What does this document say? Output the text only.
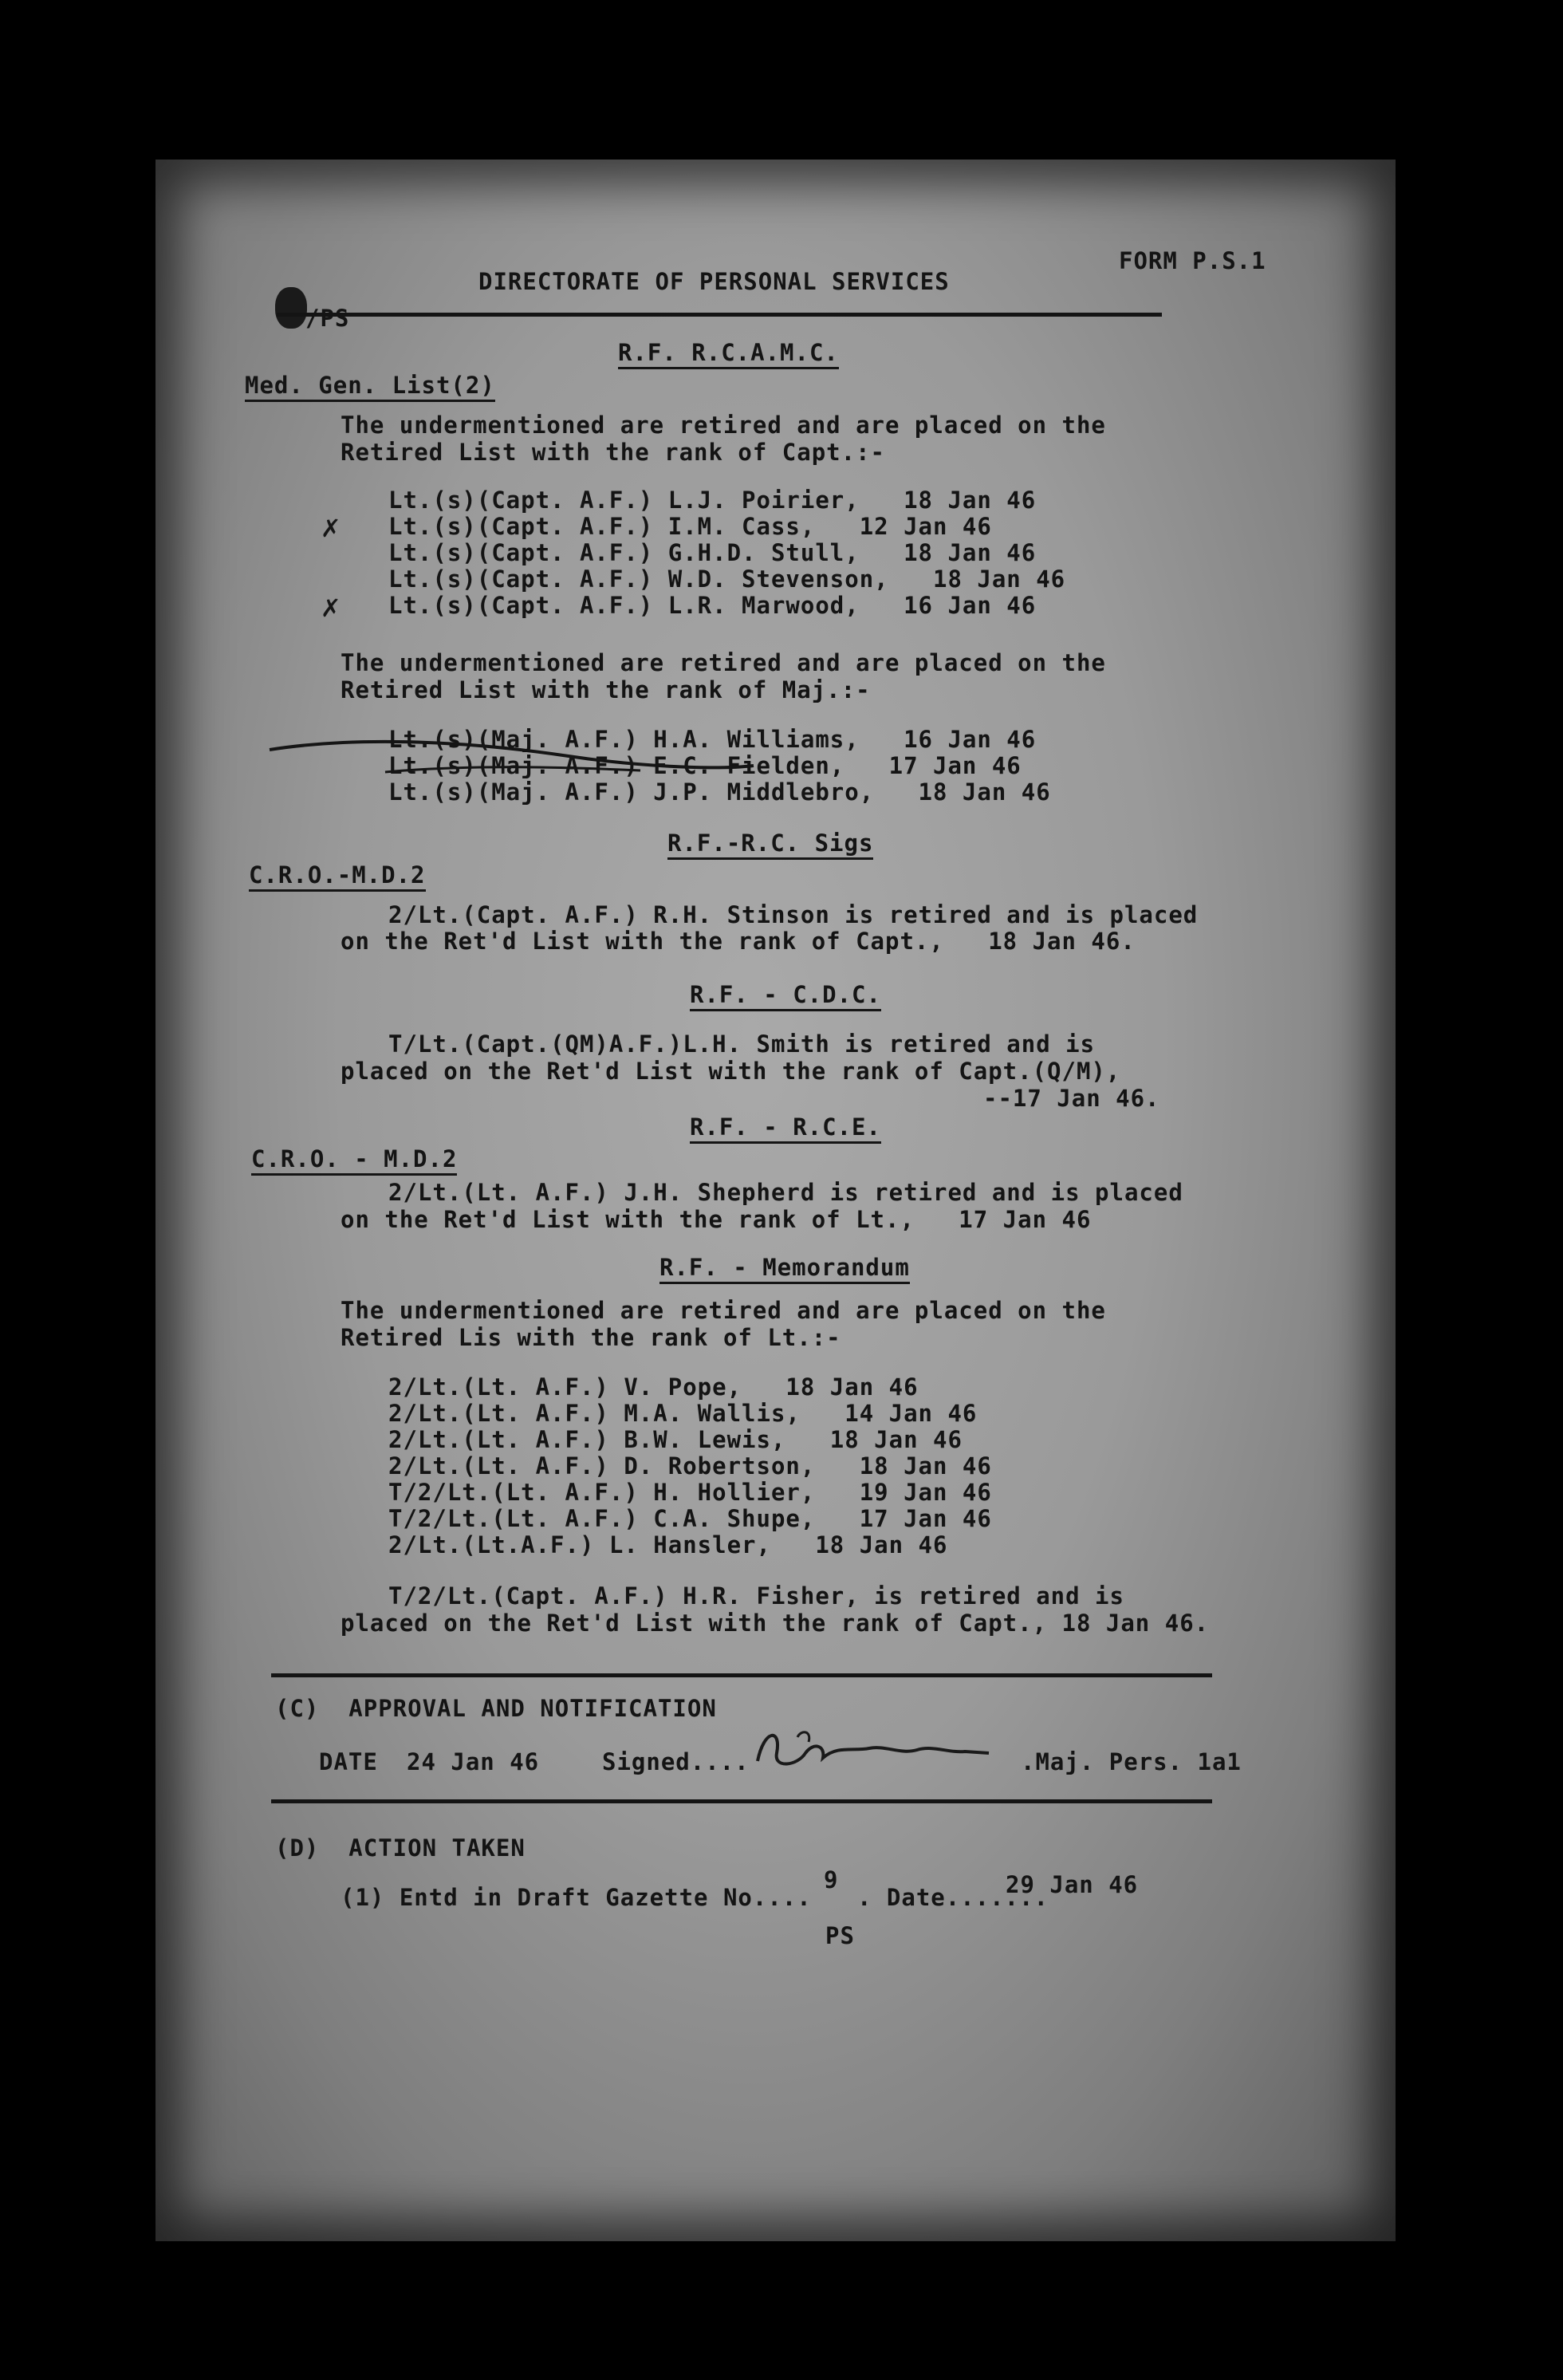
/PS
DIRECTORATE OF PERSONAL SERVICES
FORM P.S.1
R.F. R.C.A.M.C.
Med. Gen. List(2)
The undermentioned are retired and are placed on the
Retired List with the rank of Capt.:-
Lt.(s)(Capt. A.F.) L.J. Poirier,   18 Jan 46
✗ Lt.(s)(Capt. A.F.) I.M. Cass,   12 Jan 46
Lt.(s)(Capt. A.F.) G.H.D. Stull,   18 Jan 46
Lt.(s)(Capt. A.F.) W.D. Stevenson,   18 Jan 46
✗ Lt.(s)(Capt. A.F.) L.R. Marwood,   16 Jan 46
The undermentioned are retired and are placed on the
Retired List with the rank of Maj.:-
Lt.(s)(Maj. A.F.) H.A. Williams,   16 Jan 46
Lt.(s)(Maj. A.F.) E.C. Fielden,   17 Jan 46
Lt.(s)(Maj. A.F.) J.P. Middlebro,   18 Jan 46
R.F.-R.C. Sigs
C.R.O.-M.D.2
2/Lt.(Capt. A.F.) R.H. Stinson is retired and is placed
on the Ret'd List with the rank of Capt.,   18 Jan 46.
R.F. - C.D.C.
T/Lt.(Capt.(QM)A.F.)L.H. Smith is retired and is
placed on the Ret'd List with the rank of Capt.(Q/M),
--17 Jan 46.
R.F. - R.C.E.
C.R.O. - M.D.2
2/Lt.(Lt. A.F.) J.H. Shepherd is retired and is placed
on the Ret'd List with the rank of Lt.,   17 Jan 46
R.F. - Memorandum
The undermentioned are retired and are placed on the
Retired Lis with the rank of Lt.:-
2/Lt.(Lt. A.F.) V. Pope,   18 Jan 46
2/Lt.(Lt. A.F.) M.A. Wallis,   14 Jan 46
2/Lt.(Lt. A.F.) B.W. Lewis,   18 Jan 46
2/Lt.(Lt. A.F.) D. Robertson,   18 Jan 46
T/2/Lt.(Lt. A.F.) H. Hollier,   19 Jan 46
T/2/Lt.(Lt. A.F.) C.A. Shupe,   17 Jan 46
2/Lt.(Lt.A.F.) L. Hansler,   18 Jan 46
T/2/Lt.(Capt. A.F.) H.R. Fisher, is retired and is
placed on the Ret'd List with the rank of Capt., 18 Jan 46.
(C)  APPROVAL AND NOTIFICATION
DATE 24 Jan 46	Signed....	.Maj. Pers. 1a1
(D)  ACTION TAKEN
(1) Entd in Draft Gazette No....
9
. Date.......
29 Jan 46
PS
